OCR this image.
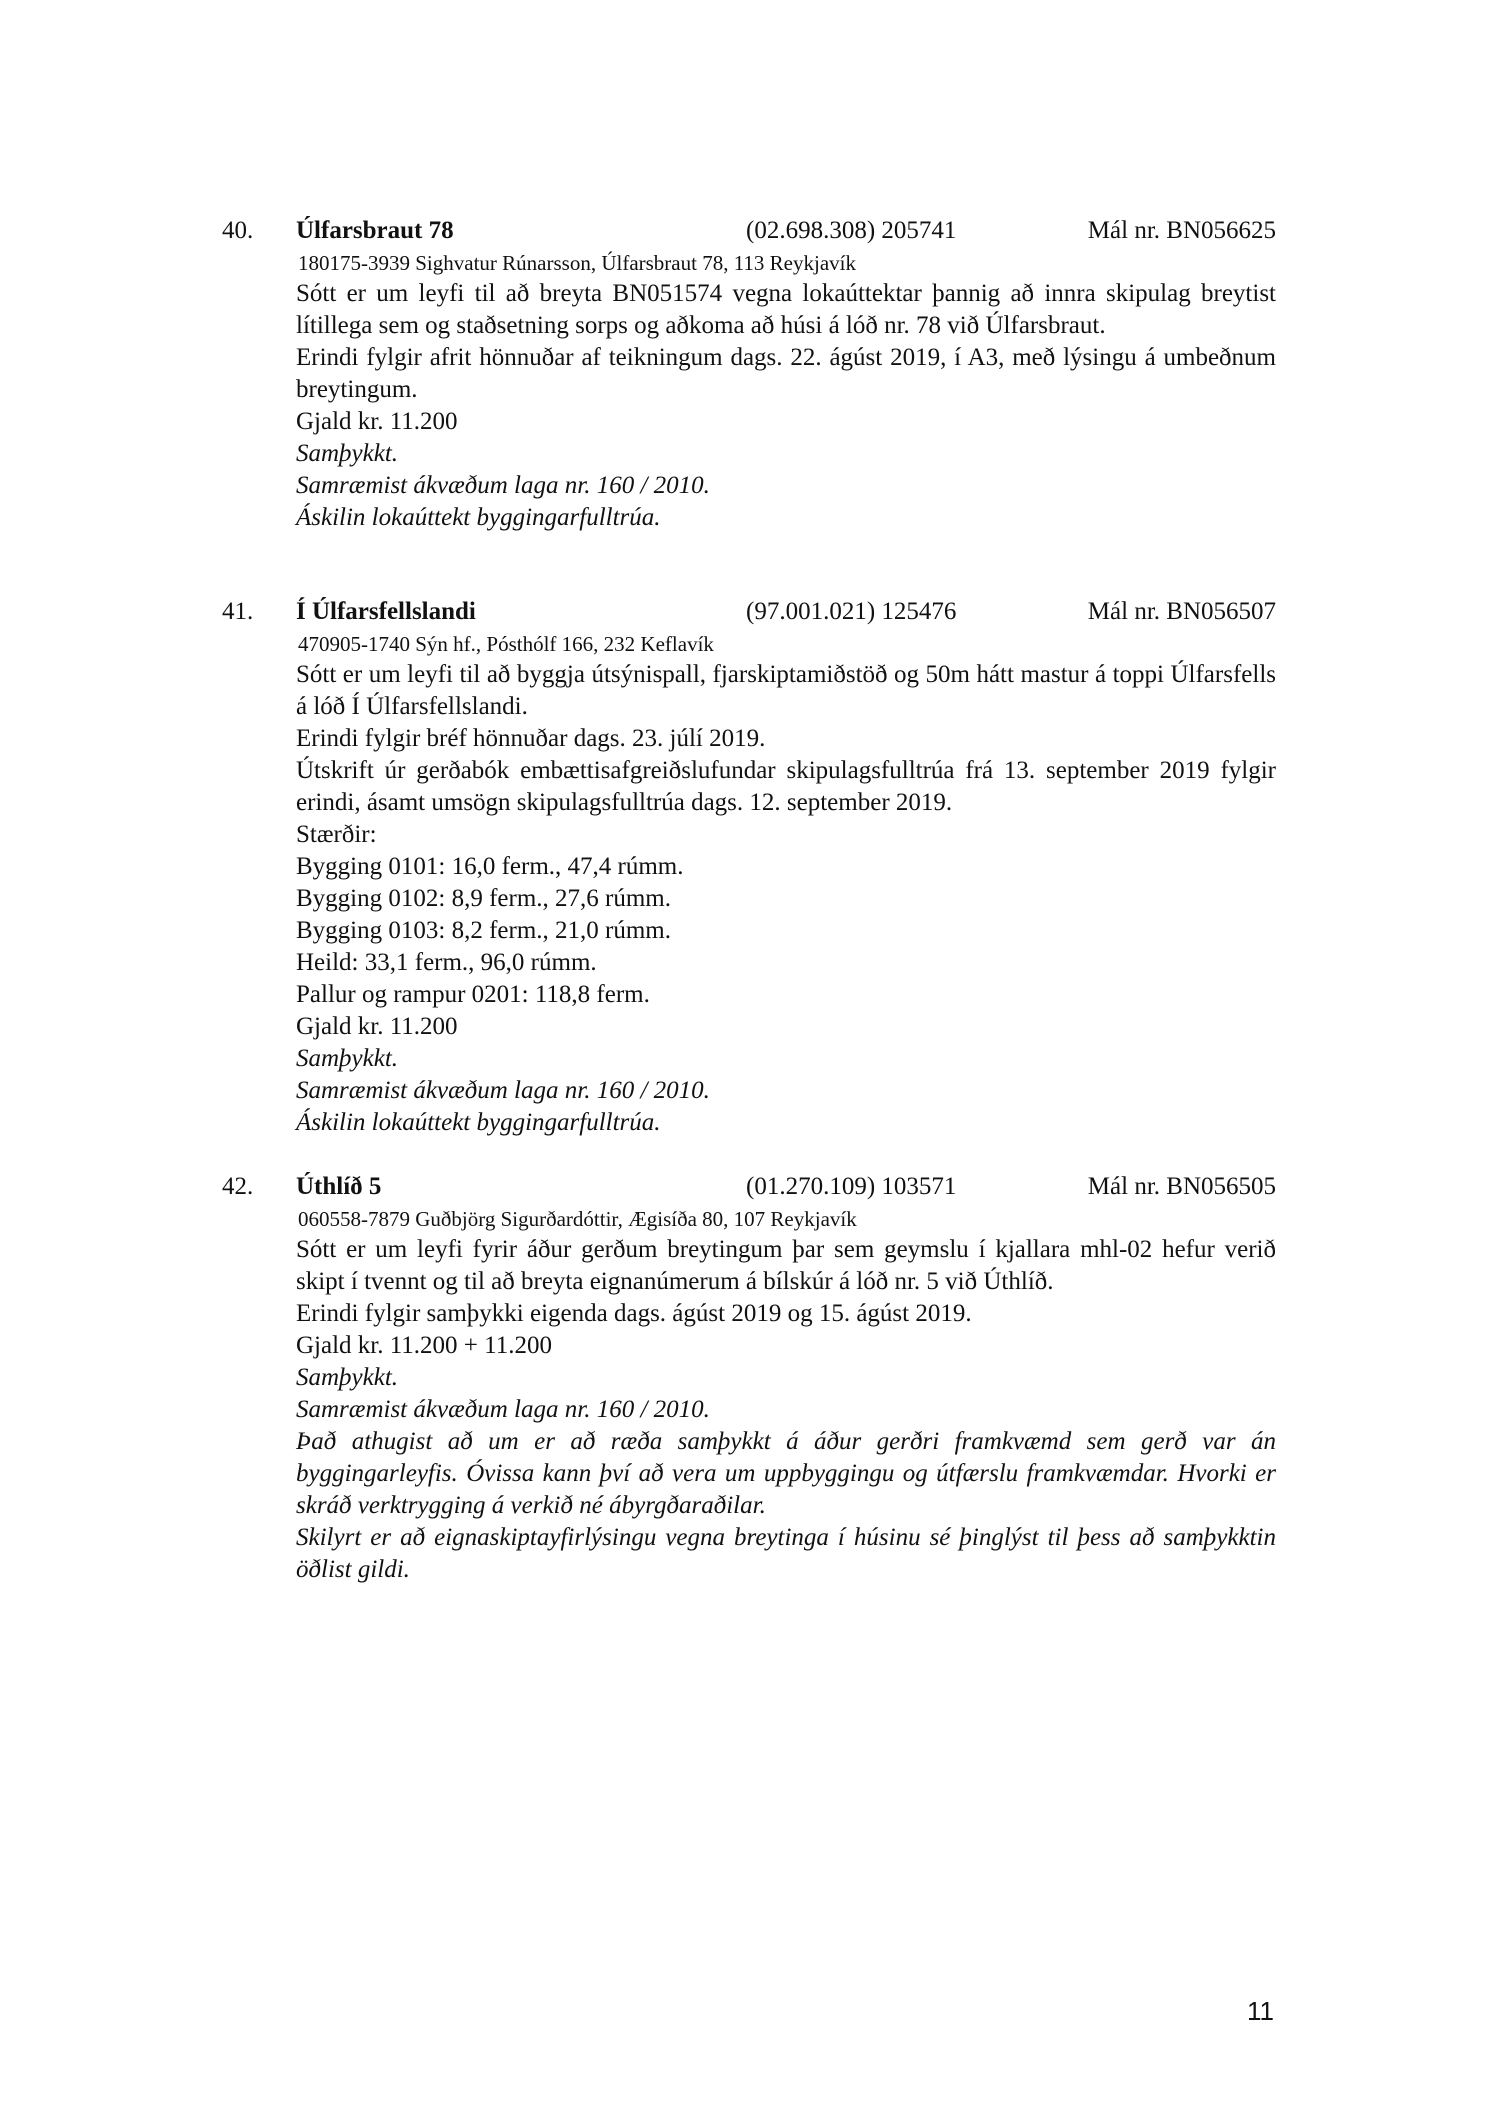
40. Úlfarsbraut 78	(02.698.308) 205741	Mál nr. BN056625
180175-3939 Sighvatur Rúnarsson, Úlfarsbraut 78, 113 Reykjavík

Sótt er um leyfi til að breyta BN051574 vegna lokaúttektar þannig að innra skipulag breytist lítillega sem og staðsetning sorps og aðkoma að húsi á lóð nr. 78 við Úlfarsbraut.

Erindi fylgir afrit hönnuðar af teikningum dags. 22. ágúst 2019, í A3, með lýsingu á umbeðnum breytingum.

Gjald kr. 11.200

Samþykkt.

Samræmist ákvæðum laga nr. 160 / 2010.

Áskilin lokaúttekt byggingarfulltrúa.

41. Í Úlfarsfellslandi	(97.001.021) 125476	Mál nr. BN056507
470905-1740 Sýn hf., Pósthólf 166, 232 Keflavík

Sótt er um leyfi til að byggja útsýnispall, fjarskiptamiðstöð og 50m hátt mastur á toppi Úlfarsfells á lóð Í Úlfarsfellslandi.

Erindi fylgir bréf hönnuðar dags. 23. júlí 2019.

Útskrift úr gerðabók embættisafgreiðslufundar skipulagsfulltrúa frá 13. september 2019 fylgir erindi, ásamt umsögn skipulagsfulltrúa dags. 12. september 2019.

Stærðir:

Bygging 0101: 16,0 ferm., 47,4 rúmm.

Bygging 0102: 8,9 ferm., 27,6 rúmm.

Bygging 0103: 8,2 ferm., 21,0 rúmm.

Heild: 33,1 ferm., 96,0 rúmm.

Pallur og rampur 0201: 118,8 ferm.

Gjald kr. 11.200

Samþykkt.

Samræmist ákvæðum laga nr. 160 / 2010.

Áskilin lokaúttekt byggingarfulltrúa.

42. Úthlíð 5	(01.270.109) 103571	Mál nr. BN056505
060558-7879 Guðbjörg Sigurðardóttir, Ægisíða 80, 107 Reykjavík

Sótt er um leyfi fyrir áður gerðum breytingum þar sem geymslu í kjallara mhl-02 hefur verið skipt í tvennt og til að breyta eignanúmerum á bílskúr á lóð nr. 5 við Úthlíð.

Erindi fylgir samþykki eigenda dags. ágúst 2019 og 15. ágúst 2019.

Gjald kr. 11.200 + 11.200

Samþykkt.

Samræmist ákvæðum laga nr. 160 / 2010.

Það athugist að um er að ræða samþykkt á áður gerðri framkvæmd sem gerð var án byggingarleyfis. Óvissa kann því að vera um uppbyggingu og útfærslu framkvæmdar. Hvorki er skráð verktrygging á verkið né ábyrgðaraðilar.

Skilyrt er að eignaskiptayfirlýsingu vegna breytinga í húsinu sé þinglýst til þess að samþykktin öðlist gildi.

11
